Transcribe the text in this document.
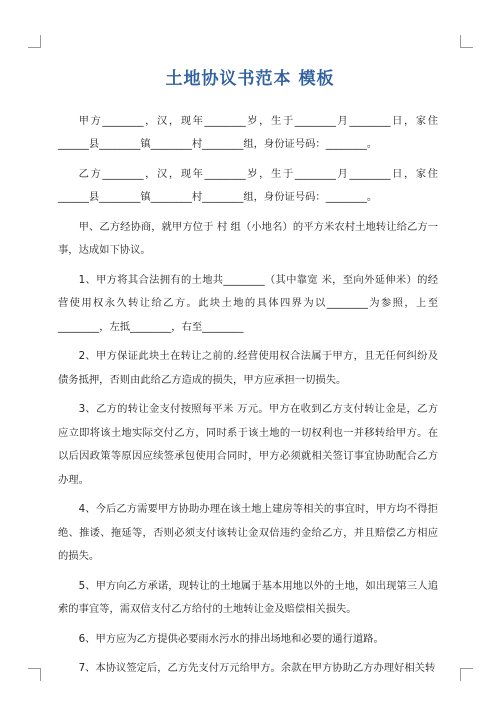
土地协议书范本 模板

甲方________，汉，现年________岁，生于________月________日，家住______县________镇________村________组，身份证号码：________。

乙方________，汉，现年________岁，生于________月________日，家住______县________镇________村________组，身份证号码：________。

甲、乙方经协商，就甲方位于 村 组（小地名）的平方米农村土地转让给乙方一事，达成如下协议。

1、甲方将其合法拥有的土地共________（其中靠宽 米，至向外延伸米）的经营使用权永久转让给乙方。此块土地的具体四界为以________为参照，上至________，左抵________，右至________

2、甲方保证此块土在转让之前的.经营使用权合法属于甲方，且无任何纠纷及债务抵押，否则由此给乙方造成的损失，甲方应承担一切损失。

3、乙方的转让金支付按照每平米 万元。甲方在收到乙方支付转让金是，乙方应立即将该土地实际交付乙方，同时系于该土地的一切权利也一并移转给甲方。在以后因政策等原因应续签承包使用合同时，甲方必须就相关签订事宜协助配合乙方办理。

4、今后乙方需要甲方协助办理在该土地上建房等相关的事宜时，甲方均不得拒绝、推诿、拖延等，否则必须支付该转让金双倍违约金给乙方，并且赔偿乙方相应的损失。

5、甲方向乙方承诺，现转让的土地属于基本用地以外的土地，如出现第三人追索的事宜等，需双倍支付乙方给付的土地转让金及赔偿相关损失。

6、甲方应为乙方提供必要雨水污水的排出场地和必要的通行道路。

7、本协议签定后，乙方先支付万元给甲方。余款在甲方协助乙方办理好相关转
